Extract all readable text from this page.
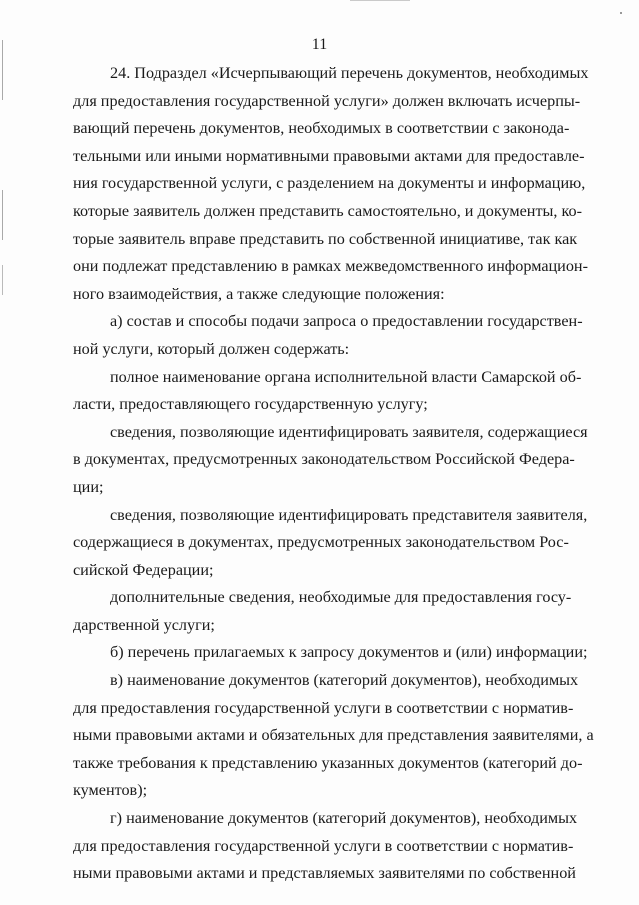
11
24. Подраздел «Исчерпывающий перечень документов, необходимых
для предоставления государственной услуги» должен включать исчерпы-
вающий перечень документов, необходимых в соответствии с законода-
тельными или иными нормативными правовыми актами для предоставле-
ния государственной услуги, с разделением на документы и информацию,
которые заявитель должен представить самостоятельно, и документы, ко-
торые заявитель вправе представить по собственной инициативе, так как
они подлежат представлению в рамках межведомственного информацион-
ного взаимодействия, а также следующие положения:
а) состав и способы подачи запроса о предоставлении государствен-
ной услуги, который должен содержать:
полное наименование органа исполнительной власти Самарской об-
ласти, предоставляющего государственную услугу;
сведения, позволяющие идентифицировать заявителя, содержащиеся
в документах, предусмотренных законодательством Российской Федера-
ции;
сведения, позволяющие идентифицировать представителя заявителя,
содержащиеся в документах, предусмотренных законодательством Рос-
сийской Федерации;
дополнительные сведения, необходимые для предоставления госу-
дарственной услуги;
б) перечень прилагаемых к запросу документов и (или) информации;
в) наименование документов (категорий документов), необходимых
для предоставления государственной услуги в соответствии с норматив-
ными правовыми актами и обязательных для представления заявителями, а
также требования к представлению указанных документов (категорий до-
кументов);
г) наименование документов (категорий документов), необходимых
для предоставления государственной услуги в соответствии с норматив-
ными правовыми актами и представляемых заявителями по собственной
